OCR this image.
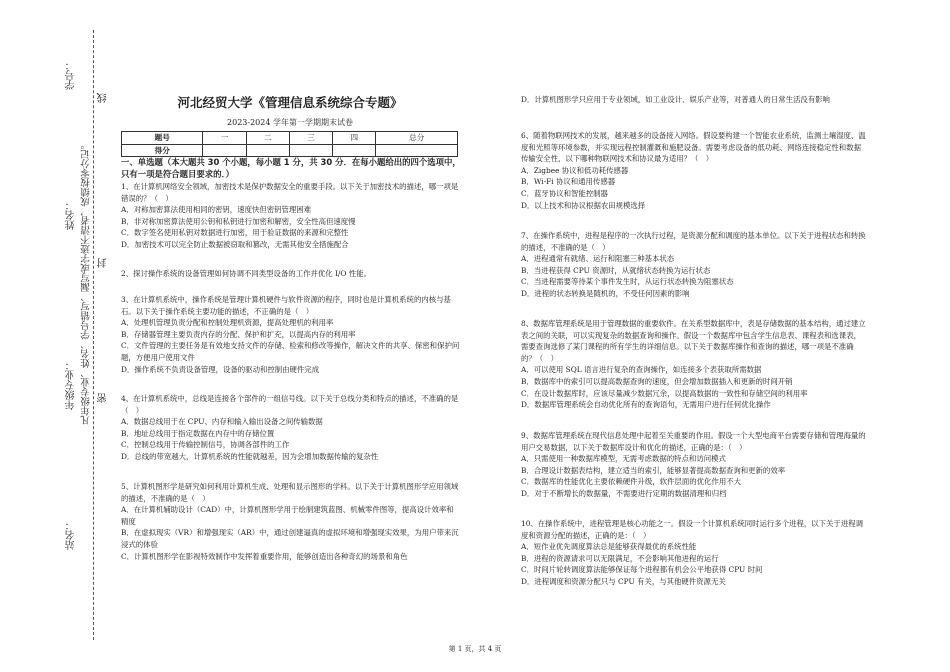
线
封
密
凡年级专业、姓名、学号错写、漏写或字迹不清者，成绩按零分记。
学号：
姓名：
年级专业：
站名：
河北经贸大学《管理信息系统综合专题》
2023-2024 学年第一学期期末试卷
题号	一	二	三	四	总分
得分					
一、单选题（本大题共 30 个小题，每小题 1 分，共 30 分．在每小题给出的四个选项中，只有一项是符合题目要求的．）
1、在计算机网络安全领域，加密技术是保护数据安全的重要手段。以下关于加密技术的描述，哪一项是错误的？（　）
A．对称加密算法使用相同的密钥，速度快但密钥管理困难
B．非对称加密算法使用公钥和私钥进行加密和解密，安全性高但速度慢
C．数字签名使用私钥对数据进行加密，用于验证数据的来源和完整性
D．加密技术可以完全防止数据被窃取和篡改，无需其他安全措施配合
2、探讨操作系统的设备管理如何协调不同类型设备的工作并优化 I/O 性能。
3、在计算机系统中，操作系统是管理计算机硬件与软件资源的程序，同时也是计算机系统的内核与基石。以下关于操作系统主要功能的描述，不正确的是（　）
A．处理机管理负责分配和控制处理机资源，提高处理机的利用率
B．存储器管理主要负责内存的分配、保护和扩充，以提高内存的利用率
C．文件管理的主要任务是有效地支持文件的存储、检索和修改等操作，解决文件的共享、保密和保护问题，方便用户使用文件
D．操作系统不负责设备管理，设备的驱动和控制由硬件完成
4、在计算机系统中，总线是连接各个部件的一组信号线。以下关于总线分类和特点的描述，不准确的是（　）
A．数据总线用于在 CPU、内存和输入输出设备之间传输数据
B．地址总线用于指定数据在内存中的存储位置
C．控制总线用于传输控制信号，协调各部件的工作
D．总线的带宽越大，计算机系统的性能就越差，因为会增加数据传输的复杂性
5、计算机图形学是研究如何利用计算机生成、处理和显示图形的学科。以下关于计算机图形学应用领域的描述，不准确的是（　）
A．在计算机辅助设计（CAD）中，计算机图形学用于绘制建筑蓝图、机械零件图等，提高设计效率和精度
B．在虚拟现实（VR）和增强现实（AR）中，通过创建逼真的虚拟环境和增强现实效果，为用户带来沉浸式的体验
C．计算机图形学在影视特效制作中发挥着重要作用，能够创造出各种奇幻的场景和角色
D．计算机图形学只应用于专业领域，如工业设计、娱乐产业等，对普通人的日常生活没有影响
6、随着物联网技术的发展，越来越多的设备接入网络。假设要构建一个智能农业系统，监测土壤湿度、温度和光照等环境参数，并实现远程控制灌溉和施肥设备。需要考虑设备的低功耗、网络连接稳定性和数据传输安全性，以下哪种物联网技术和协议最为适用？（　）
A．Zigbee 协议和低功耗传感器
B．Wi-Fi 协议和通用传感器
C．蓝牙协议和智能控制器
D．以上技术和协议根据农田规模选择
7、在操作系统中，进程是程序的一次执行过程，是资源分配和调度的基本单位。以下关于进程状态和转换的描述，不准确的是（　）
A．进程通常有就绪、运行和阻塞三种基本状态
B．当进程获得 CPU 资源时，从就绪状态转换为运行状态
C．当进程需要等待某个事件发生时，从运行状态转换为阻塞状态
D．进程的状态转换是随机的，不受任何因素的影响
8、数据库管理系统是用于管理数据的重要软件。在关系型数据库中，表是存储数据的基本结构，通过建立表之间的关联，可以实现复杂的数据查询和操作。假设一个数据库中包含学生信息表、课程表和选课表，需要查询选修了某门课程的所有学生的详细信息。以下关于数据库操作和查询的描述，哪一项是不准确的？（　）
A．可以使用 SQL 语言进行复杂的查询操作，如连接多个表获取所需数据
B．数据库中的索引可以提高数据查询的速度，但会增加数据插入和更新的时间开销
C．在设计数据库时，应该尽量减少数据冗余，以提高数据的一致性和存储空间的利用率
D．数据库管理系统会自动优化所有的查询语句，无需用户进行任何优化操作
9、数据库管理系统在现代信息处理中起着至关重要的作用。假设一个大型电商平台需要存储和管理海量的用户交易数据，以下关于数据库设计和优化的描述，正确的是：（　）
A．只需使用一种数据库模型，无需考虑数据的特点和访问模式
B．合理设计数据表结构，建立适当的索引，能够显著提高数据查询和更新的效率
C．数据库的性能优化主要依赖硬件升级，软件层面的优化作用不大
D．对于不断增长的数据量，不需要进行定期的数据清理和归档
10、在操作系统中，进程管理是核心功能之一。假设一个计算机系统同时运行多个进程，以下关于进程调度和资源分配的描述，正确的是：（　）
A．短作业优先调度算法总是能够获得最优的系统性能
B．进程的资源请求可以无限满足，不会影响其他进程的运行
C．时间片轮转调度算法能够保证每个进程都有机会公平地获得 CPU 时间
D．进程调度和资源分配只与 CPU 有关，与其他硬件资源无关
第 1 页，共 4 页
